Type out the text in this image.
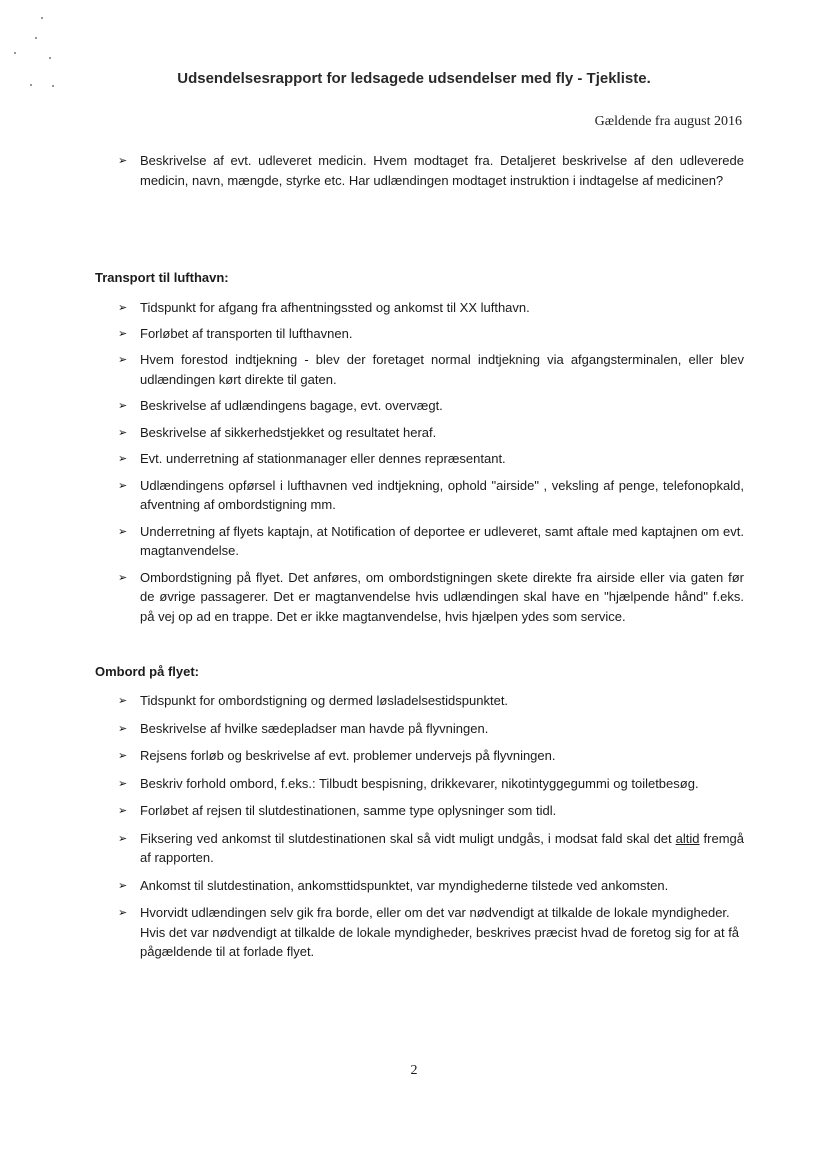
Udsendelsesrapport for ledsagede udsendelser med fly - Tjekliste.
Gældende fra august 2016

➢ Beskrivelse af evt. udleveret medicin. Hvem modtaget fra. Detaljeret beskrivelse af den udleverede medicin, navn, mængde, styrke etc. Har udlændingen modtaget instruktion i indtagelse af medicinen?

Transport til lufthavn:

➢ Tidspunkt for afgang fra afhentningssted og ankomst til XX lufthavn.

➢ Forløbet af transporten til lufthavnen.

➢ Hvem forestod indtjekning - blev der foretaget normal indtjekning via afgangsterminalen, eller blev udlændingen kørt direkte til gaten.

➢ Beskrivelse af udlændingens bagage, evt. overvægt.

➢ Beskrivelse af sikkerhedstjekket og resultatet heraf.

➢ Evt. underretning af stationmanager eller dennes repræsentant.

➢ Udlændingens opførsel i lufthavnen ved indtjekning, ophold "airside" , veksling af penge, telefonopkald, afventning af ombordstigning mm.

➢ Underretning af flyets kaptajn, at Notification of deportee er udleveret, samt aftale med kaptajnen om evt. magtanvendelse.

➢ Ombordstigning på flyet. Det anføres, om ombordstigningen skete direkte fra airside eller via gaten før de øvrige passagerer. Det er magtanvendelse hvis udlændingen skal have en "hjælpende hånd" f.eks. på vej op ad en trappe. Det er ikke magtanvendelse, hvis hjælpen ydes som service.

Ombord på flyet:

➢ Tidspunkt for ombordstigning og dermed løsladelsestidspunktet.

➢ Beskrivelse af hvilke sædepladser man havde på flyvningen.

➢ Rejsens forløb og beskrivelse af evt. problemer undervejs på flyvningen.

➢ Beskriv forhold ombord, f.eks.: Tilbudt bespisning, drikkevarer, nikotintyggegummi og toiletbesøg.

➢ Forløbet af rejsen til slutdestinationen, samme type oplysninger som tidl.

➢ Fiksering ved ankomst til slutdestinationen skal så vidt muligt undgås, i modsat fald skal det altid fremgå af rapporten.

➢ Ankomst til slutdestination, ankomsttidspunktet, var myndighederne tilstede ved ankomsten.

➢ Hvorvidt udlændingen selv gik fra borde, eller om det var nødvendigt at tilkalde de lokale myndigheder.
Hvis det var nødvendigt at tilkalde de lokale myndigheder, beskrives præcist hvad de foretog sig for at få pågældende til at forlade flyet.

2
